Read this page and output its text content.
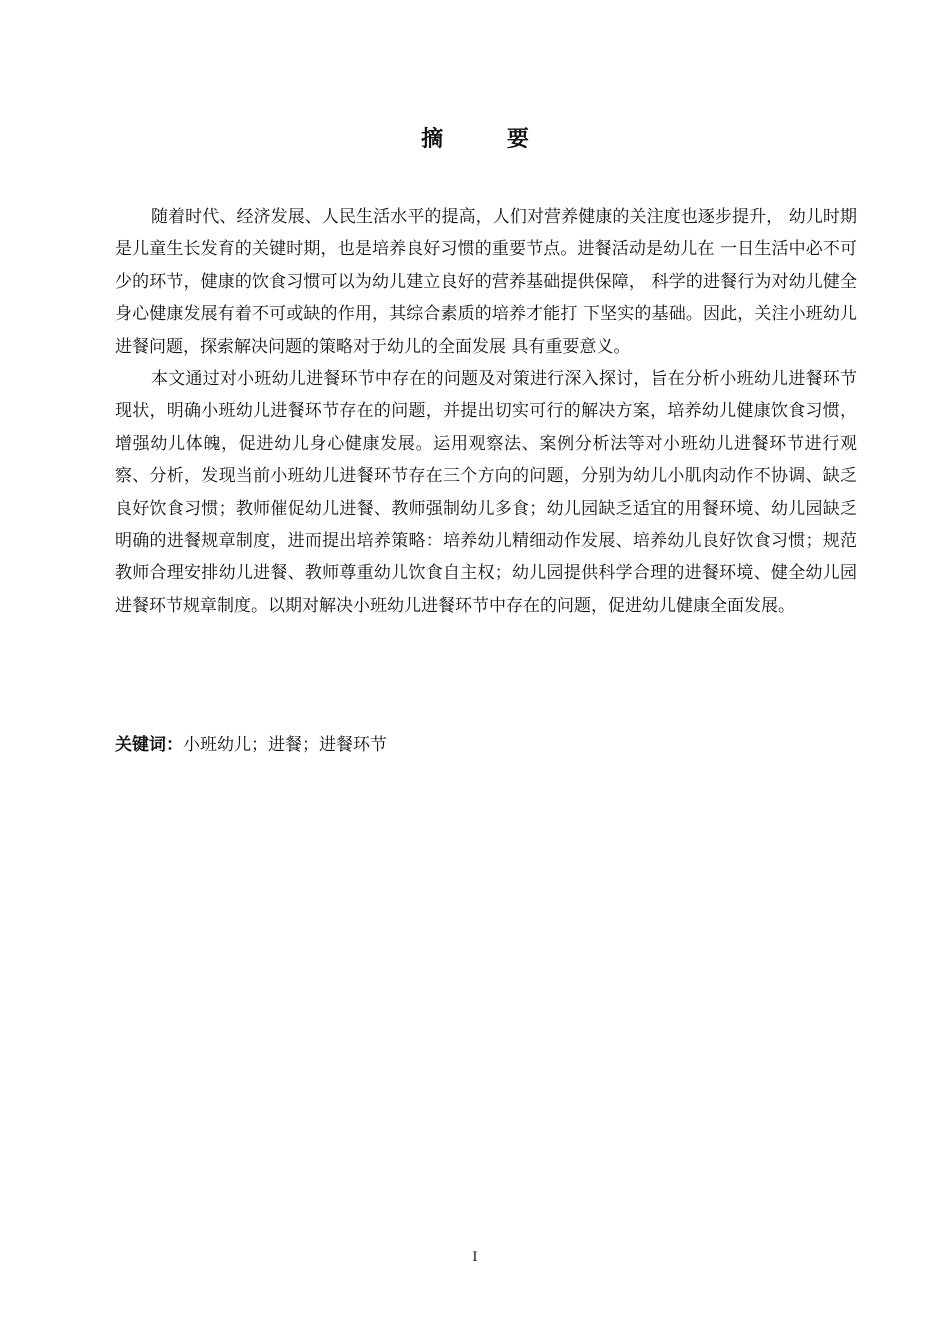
摘 要

随着时代、经济发展、人民生活水平的提高，人们对营养健康的关注度也逐步提升， 幼儿时期是儿童生长发育的关键时期，也是培养良好习惯的重要节点。进餐活动是幼儿在 一日生活中必不可少的环节，健康的饮食习惯可以为幼儿建立良好的营养基础提供保障， 科学的进餐行为对幼儿健全身心健康发展有着不可或缺的作用，其综合素质的培养才能打 下坚实的基础。因此，关注小班幼儿进餐问题，探索解决问题的策略对于幼儿的全面发展 具有重要意义。

本文通过对小班幼儿进餐环节中存在的问题及对策进行深入探讨，旨在分析小班幼儿进餐环节现状，明确小班幼儿进餐环节存在的问题，并提出切实可行的解决方案，培养幼儿健康饮食习惯，增强幼儿体魄，促进幼儿身心健康发展。运用观察法、案例分析法等对小班幼儿进餐环节进行观察、分析，发现当前小班幼儿进餐环节存在三个方向的问题，分别为幼儿小肌肉动作不协调、缺乏良好饮食习惯；教师催促幼儿进餐、教师强制幼儿多食；幼儿园缺乏适宜的用餐环境、幼儿园缺乏明确的进餐规章制度，进而提出培养策略：培养幼儿精细动作发展、培养幼儿良好饮食习惯；规范教师合理安排幼儿进餐、教师尊重幼儿饮食自主权；幼儿园提供科学合理的进餐环境、健全幼儿园进餐环节规章制度。以期对解决小班幼儿进餐环节中存在的问题，促进幼儿健康全面发展。

关键词：小班幼儿；进餐；进餐环节
I
